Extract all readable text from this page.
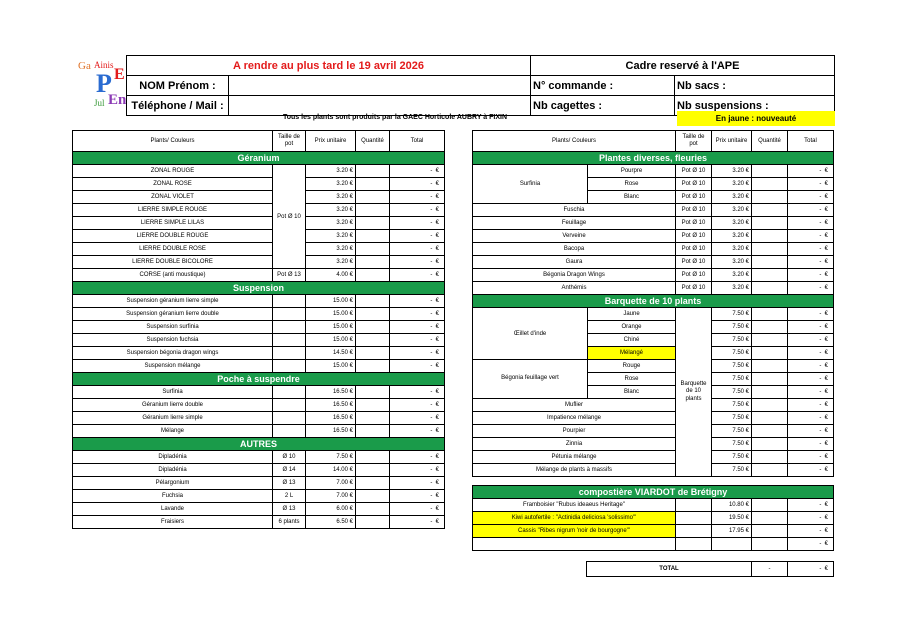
Ga Ainis
P E
Jul En
A rendre au plus tard le 19 avril 2026		Cadre reservé à l'APE	
NOM Prénom :		N° commande :	Nb sacs :
Téléphone / Mail :		Nb cagettes :	Nb suspensions :
Tous les plants sont produits par la GAEC Horticole AUBRY à FIXIN	En jaune : nouveauté
Plants/ Couleurs	Taille de pot	Prix unitaire	Quantité	Total
Géranium				
ZONAL ROUGE	Pot Ø 10	3.20 €		- €

ZONAL ROSE		3.20 €		- €

ZONAL VIOLET		3.20 €		- €

LIERRE SIMPLE ROUGE		3.20 €		- €

LIERRE SIMPLE LILAS		3.20 €		- €

LIERRE DOUBLE ROUGE		3.20 €		- €

LIERRE DOUBLE ROSE		3.20 €		- €

LIERRE DOUBLE BICOLORE		3.20 €		- €

CORSE (anti moustique)	Pot Ø 13	4.00 €		- €

Suspension				
Suspension géranium lierre simple		15.00 €		- €

Suspension géranium lierre double		15.00 €		- €

Suspension surfinia		15.00 €		- €

Suspension fuchsia		15.00 €		- €

Suspension bégonia dragon wings		14.50 €		- €

Suspension mélange		15.00 €		- €

Poche à suspendre				
Surfinia		16.50 €		- €

Géranium lierre double		16.50 €		- €

Géranium lierre simple		16.50 €		- €

Mélange		16.50 €		- €

AUTRES				
Dipladénia	Ø 10	7.50 €		- €

Dipladénia	Ø 14	14.00 €		- €

Pélargonium	Ø 13	7.00 €		- €

Fuchsia	2 L	7.00 €		- €

Lavande	Ø 13	6.00 €		- €

Fraisiers	6 plants	6.50 €		- €
Plants/ Couleurs		Taille de pot	Prix unitaire	Quantité	Total
Plantes diverses, fleuries					
Surfinia	Pourpre	Pot Ø 10	3.20 €		- €

	Rose	Pot Ø 10	3.20 €		- €

	Blanc	Pot Ø 10	3.20 €		- €

Fuschia		Pot Ø 10	3.20 €		- €

Feuillage		Pot Ø 10	3.20 €		- €

Verveine		Pot Ø 10	3.20 €		- €

Bacopa		Pot Ø 10	3.20 €		- €

Gaura		Pot Ø 10	3.20 €		- €

Bégonia Dragon Wings		Pot Ø 10	3.20 €		- €

Anthémis		Pot Ø 10	3.20 €		- €

Barquette de 10 plants					
Œillet d'inde	Jaune	Barquette de 10 plants	7.50 €		- €

	Orange		7.50 €		- €

	Chiné		7.50 €		- €

	Mélangé		7.50 €		- €

Bégonia feuillage vert	Rouge		7.50 €		- €

	Rose		7.50 €		- €

	Blanc		7.50 €		- €

Muflier			7.50 €		- €

Impatience mélange			7.50 €		- €

Pourpier			7.50 €		- €

Zinnia			7.50 €		- €

Pétunia mélange			7.50 €		- €

Mélange de plants à massifs			7.50 €		- €
compostière VIARDOT de Brétigny				
Framboisier "Rubus ideaeus Heritage"		10.80 €		- €

Kiwi autofertile : "Actinidia deliciosa 'solissimo'"		19.50 €		- €

Cassis "Ribes nigrum 'noir de bourgogne'"		17.95 €		- €

				- €
TOTAL	-	- €
